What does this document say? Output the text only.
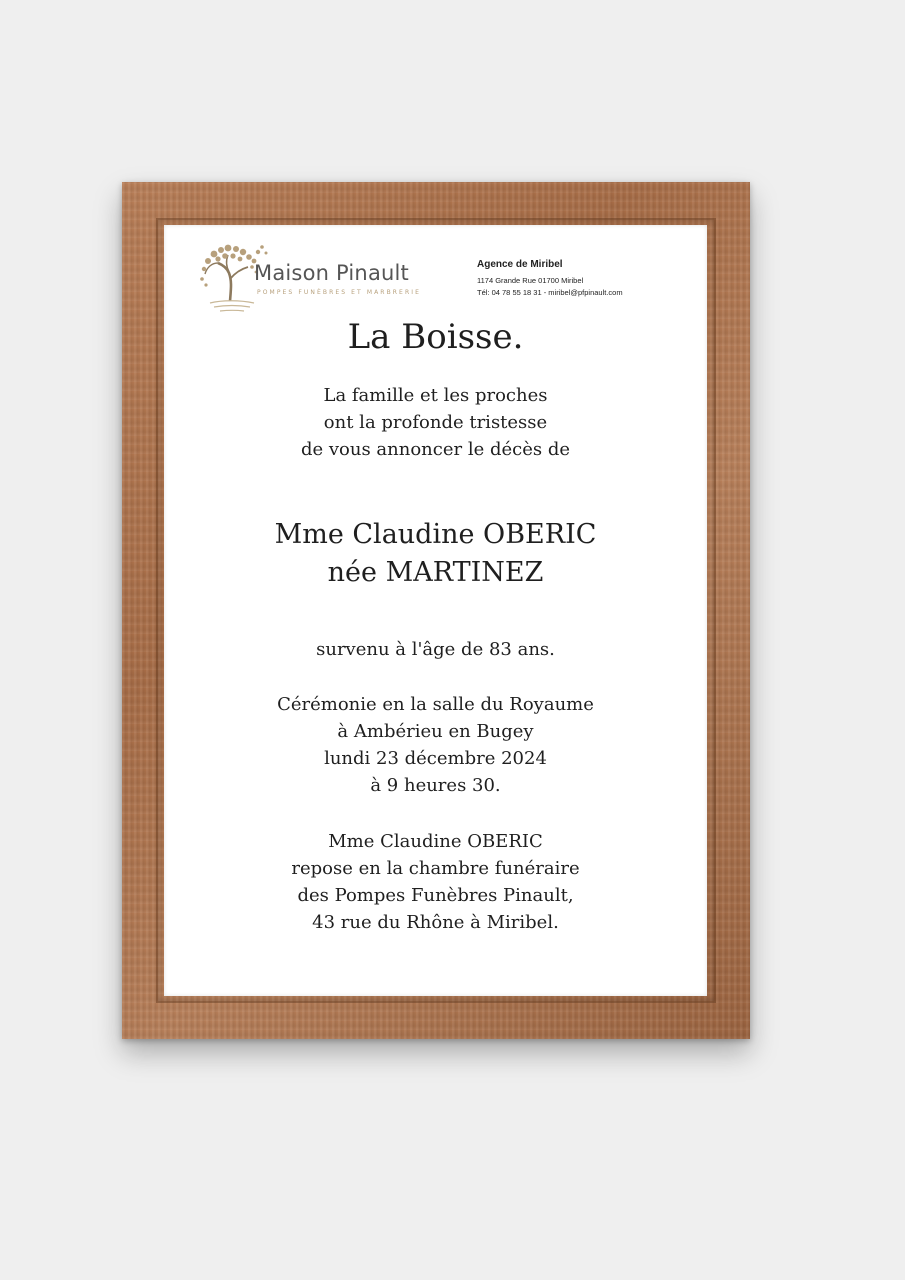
Maison Pinault
POMPES FUNÈBRES ET MARBRERIE
Agence de Miribel
1174 Grande Rue 01700 Miribel
Tél: 04 78 55 18 31 - miribel@pfpinault.com
La Boisse.
La famille et les proches
ont la profonde tristesse
de vous annoncer le décès de
Mme Claudine OBERIC
née MARTINEZ
survenu à l'âge de 83 ans.
Cérémonie en la salle du Royaume
à Ambérieu en Bugey
lundi 23 décembre 2024
à 9 heures 30.
Mme Claudine OBERIC
repose en la chambre funéraire
des Pompes Funèbres Pinault,
43 rue du Rhône à Miribel.
